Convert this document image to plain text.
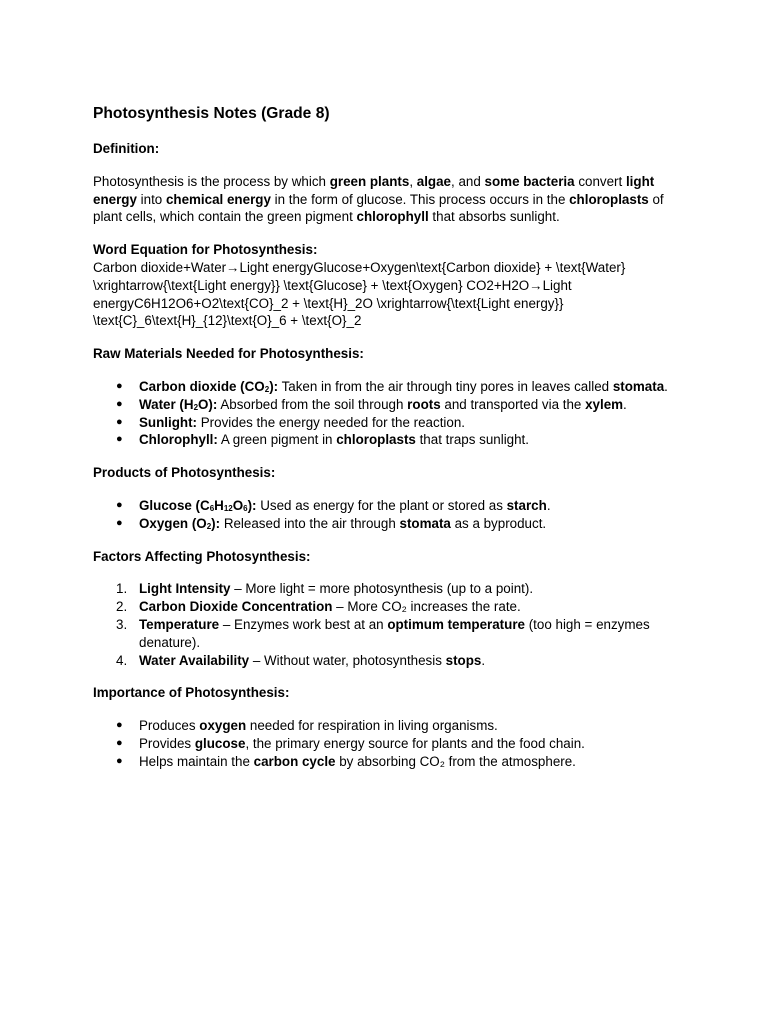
Photosynthesis Notes (Grade 8)
Definition:

Photosynthesis is the process by which green plants, algae, and some bacteria convert light energy into chemical energy in the form of glucose. This process occurs in the chloroplasts of plant cells, which contain the green pigment chlorophyll that absorbs sunlight.

Word Equation for Photosynthesis:

Carbon dioxide+Water→Light energyGlucose+Oxygen\text{Carbon dioxide} + \text{Water} \xrightarrow{\text{Light energy}} \text{Glucose} + \text{Oxygen} CO2+H2O→Light energyC6H12O6+O2\text{CO}_2 + \text{H}_2O \xrightarrow{\text{Light energy}} \text{C}_6\text{H}_{12}\text{O}_6 + \text{O}_2

Raw Materials Needed for Photosynthesis:
● Carbon dioxide $(CO_2)$: Taken in from the air through tiny pores in leaves called stomata.
● Water $(H_2O)$: Absorbed from the soil through roots and transported via the xylem.
● Sunlight: Provides the energy needed for the reaction.
● Chlorophyll: A green pigment in chloroplasts that traps sunlight.
Products of Photosynthesis:
● Glucose $(C_6H_{12}O_6)$: Used as energy for the plant or stored as starch.
● Oxygen $(O_2)$: Released into the air through stomata as a byproduct.
Factors Affecting Photosynthesis:
1. Light Intensity – More light = more photosynthesis (up to a point).
2. Carbon Dioxide Concentration – More CO₂ increases the rate.
3. Temperature – Enzymes work best at an optimum temperature (too high = enzymes denature).
4. Water Availability – Without water, photosynthesis stops.
Importance of Photosynthesis:
● Produces oxygen needed for respiration in living organisms.
● Provides glucose, the primary energy source for plants and the food chain.
● Helps maintain the carbon cycle by absorbing CO₂ from the atmosphere.
